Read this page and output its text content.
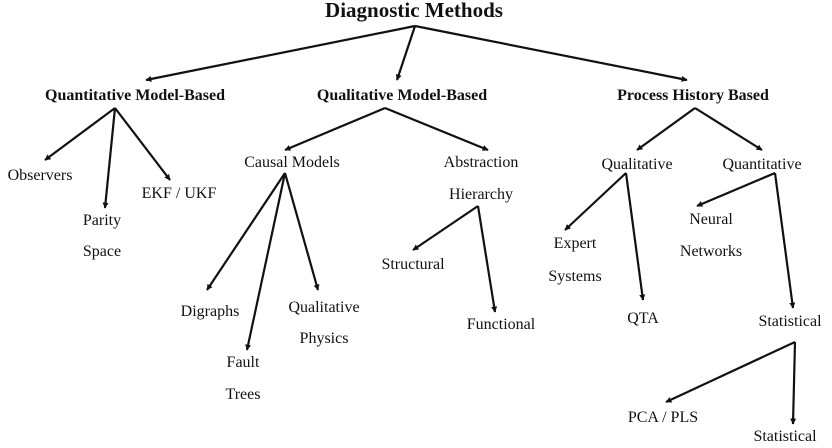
Diagnostic Methods
Quantitative Model-Based	Qualitative Model-Based	Process History Based
Observers
Parity
Space
EKF / UKF
Causal Models	Abstraction
Hierarchy
Digraphs
Fault
Trees
Qualitative
Physics
Structural
Functional
Qualitative	Quantitative
Expert
Systems
QTA
Neural
Networks
Statistical
PCA / PLS
Statistical
